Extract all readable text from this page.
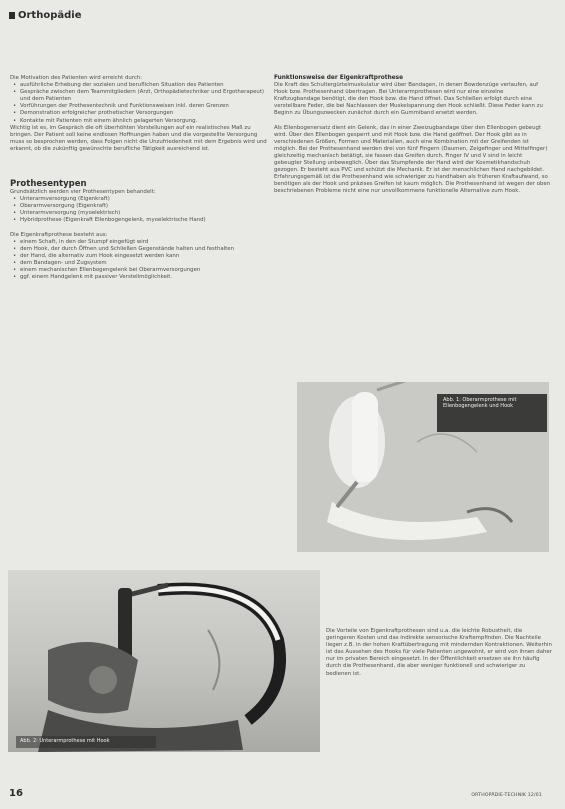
Orthopädie

Die Motivation des Patienten wird erreicht durch:

• ausführliche Erhebung der sozialen und beruflichen Situation des Patienten
• Gespräche zwischen dem Teammitgliedern (Arzt, Orthopädietechniker und Ergotherapeut) und dem Patienten
• Vorführungen der Prothesentechnik und Funktionsweisen inkl. deren Grenzen
• Demonstration erfolgreicher prothetischer Versorgungen
• Kontakte mit Patienten mit einem ähnlich gelagerten Versorgung.

Wichtig ist es, im Gespräch die oft überhöhten Vorstellungen auf ein realistisches Maß zu bringen. Der Patient soll keine endlosen Hoffnungen haben und die vorgestellte Versorgung muss so besprochen werden, dass Folgen nicht die Unzufriedenheit mit dem Ergebnis wird und erkannt, ob die zukünftig gewünschte berufliche Tätigkeit ausreichend ist.

Prothesentypen

Grundsätzlich werden vier Prothesentypen behandelt:

• Unterarmversorgung (Eigenkraft)
• Oberarmversorgung (Eigenkraft)
• Unterarmversorgung (myoelektrisch)
• Hybridprothese (Eigenkraft Ellenbogengelenk, myoelektrische Hand)

Die Eigenkraftprothese besteht aus:

• einem Schaft, in den der Stumpf eingefügt wird
• dem Hook, der durch Öffnen und Schließen Gegenstände halten und festhalten
• der Hand, die alternativ zum Hook eingesetzt werden kann
• dem Bandagen- und Zugsystem
• einem mechanischen Ellenbogengelenk bei Oberarmversorgungen
• ggf. einem Handgelenk mit passiver Verstellmöglichkeit.
Funktionsweise der Eigenkraftprothese

Die Kraft des Schultergürtelmuskulatur wird über Bandagen, in denen Bowdenzüge verlaufen, auf Hook bzw. Prothesenhand übertragen. Bei Unterarmprothesen wird nur eine einzelne Kraftzugbandage benötigt, die den Hook bzw. die Hand öffnet. Das Schließen erfolgt durch eine verstellbare Feder, die bei Nachlassen der Muskelspannung den Hook schließt. Diese Feder kann zu Beginn zu Übungszwecken zunächst durch ein Gummiband ersetzt werden.

Als Ellenbogenersatz dient ein Gelenk, das in einer Zweizugbandage über den Ellenbogen gebeugt wird. Über den Ellenbogen gesperrt und mit Hook bzw. die Hand geöffnet. Der Hook gibt es in verschiedenen Größen, Formen und Materialien, auch eine Kombination mit der Greifenden ist möglich. Bei der Prothesenhand werden drei von fünf Fingern (Daumen, Zeigefinger und Mittelfinger) gleichzeitig mechanisch betätigt, sie fassen das Greifen durch. Finger IV und V sind in leicht gebeugter Stellung unbeweglich. Über das Stumpfende der Hand wird der Kosmetikhandschuh gezogen. Er besteht aus PVC und schützt die Mechanik. Er ist der menschlichen Hand nachgebildet. Erfahrungsgemäß ist die Prothesenhand wie schwieriger zu handhaben als früheren Kraftaufwand, so benötigen als der Hook und präzises Greifen ist kaum möglich. Die Prothesenhand ist wegen der oben beschriebenen Probleme nicht eine nur unvollkommene funktionelle Alternative zum Hook.

Abb. 1: Oberarmprothese mit Ellenbogengelenk und Hook

Die Vorteile von Eigenkraftprothesen sind u.a. die leichte Robustheit, die geringeren Kosten und das indirekte sensorische Kraftempfinden. Die Nachteile liegen z.B. in der hohen Kraftübertragung mit mindernden Kontraktionen. Weiterhin ist das Aussehen des Hooks für viele Patienten ungewohnt, er wird von ihnen daher nur im privaten Bereich eingesetzt. In der Öffentlichkeit ersetzen sie ihn häufig durch die Prothesenhand, die aber weniger funktionell und schwieriger zu bedienen ist.

Abb. 2: Unterarmprothese mit Hook
16	ORTHOPÄDIE-TECHNIK 12/01
